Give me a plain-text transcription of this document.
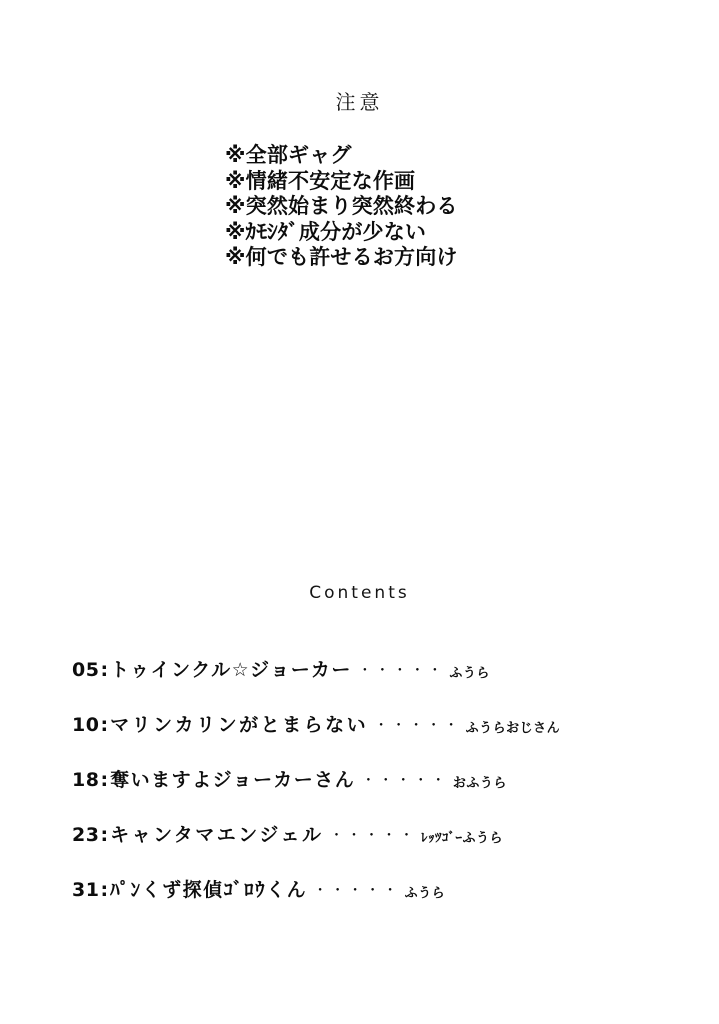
注意
※全部ギャグ
※情緒不安定な作画
※突然始まり突然終わる
※ｶﾓｼﾀﾞ成分が少ない
※何でも許せるお方向け
Contents
05 : トゥインクル☆ジョーカー ・・・・・ ふうら
10 : マリンカリンがとまらない ・・・・・ ふうらおじさん
18 : 奪いますよジョーカーさん ・・・・・ おふうら
23 : キャンタマエンジェル ・・・・・ ﾚｯﾂｺﾞｰふうら
31 : ﾊﾟﾝくず探偵ｺﾞﾛｳくん ・・・・・ ふうら
